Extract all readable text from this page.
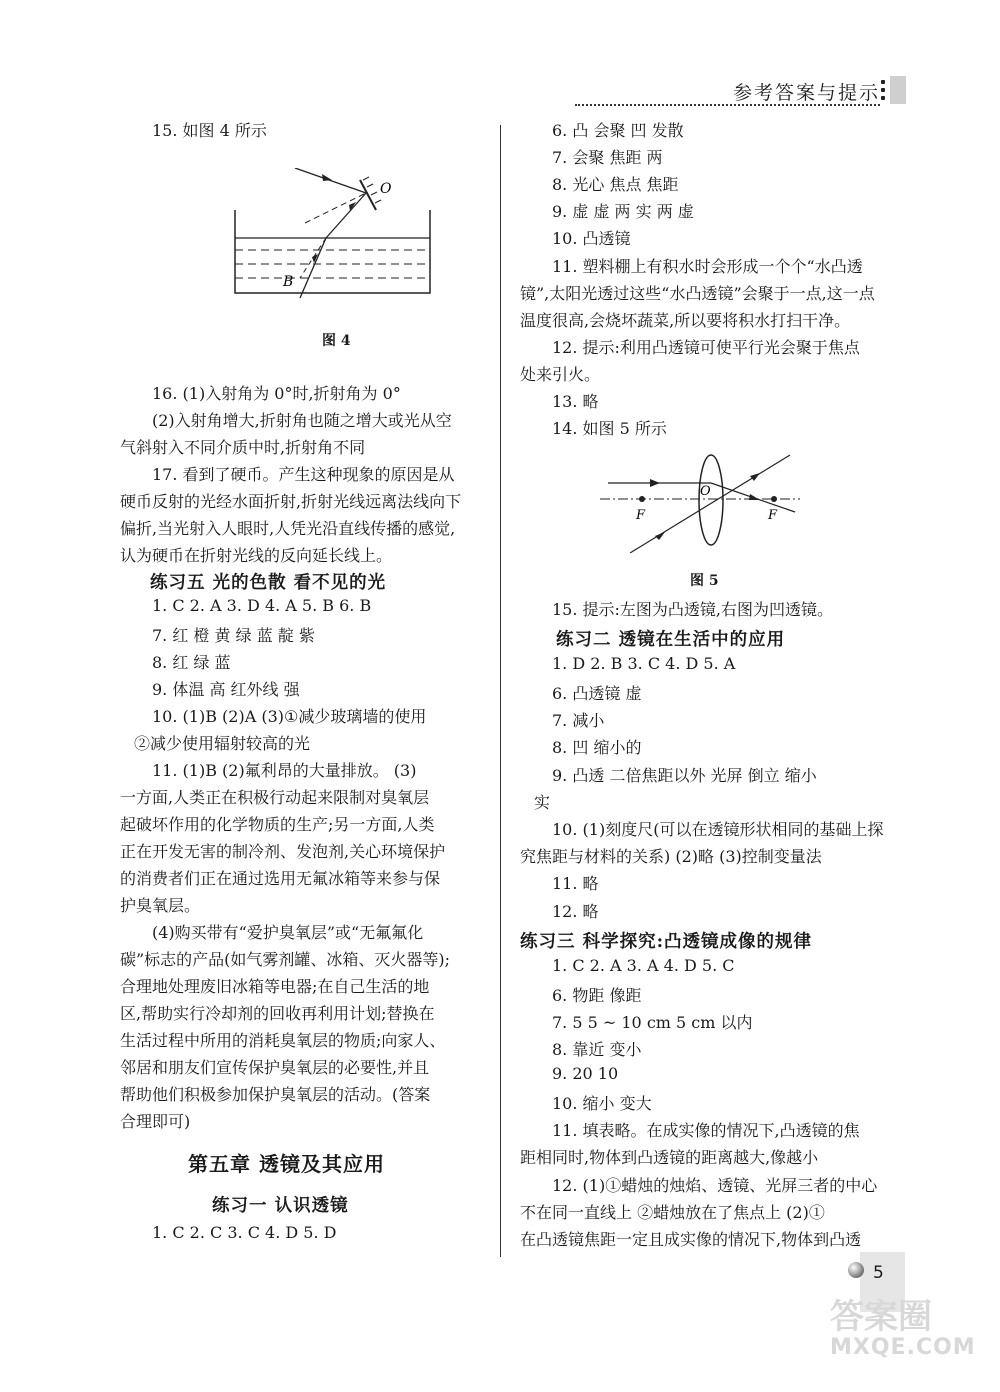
参考答案与提示
15. 如图 4 所示
O
B
图 4
16. (1)入射角为 0°时,折射角为 0°
(2)入射角增大,折射角也随之增大或光从空
气斜射入不同介质中时,折射角不同
17. 看到了硬币。产生这种现象的原因是从
硬币反射的光经水面折射,折射光线远离法线向下
偏折,当光射入人眼时,人凭光沿直线传播的感觉,
认为硬币在折射光线的反向延长线上。
练习五 光的色散 看不见的光
1. C 2. A 3. D 4. A 5. B 6. B
7. 红 橙 黄 绿 蓝 靛 紫
8. 红 绿 蓝
9. 体温 高 红外线 强
10. (1)B (2)A (3)①减少玻璃墙的使用
②减少使用辐射较高的光
11. (1)B (2)氟利昂的大量排放。 (3)
一方面,人类正在积极行动起来限制对臭氧层
起破坏作用的化学物质的生产;另一方面,人类
正在开发无害的制冷剂、发泡剂,关心环境保护
的消费者们正在通过选用无氟冰箱等来参与保
护臭氧层。
(4)购买带有“爱护臭氧层”或“无氟氟化
碳”标志的产品(如气雾剂罐、冰箱、灭火器等);
合理地处理废旧冰箱等电器;在自己生活的地
区,帮助实行冷却剂的回收再利用计划;替换在
生活过程中所用的消耗臭氧层的物质;向家人、
邻居和朋友们宣传保护臭氧层的必要性,并且
帮助他们积极参加保护臭氧层的活动。(答案
合理即可)
第五章 透镜及其应用
练习一 认识透镜
1. C 2. C 3. C 4. D 5. D
6. 凸 会聚 凹 发散
7. 会聚 焦距 两
8. 光心 焦点 焦距
9. 虚 虚 两 实 两 虚
10. 凸透镜
11. 塑料棚上有积水时会形成一个个“水凸透
镜”,太阳光透过这些“水凸透镜”会聚于一点,这一点
温度很高,会烧坏蔬菜,所以要将积水打扫干净。
12. 提示:利用凸透镜可使平行光会聚于焦点
处来引火。
13. 略
14. 如图 5 所示
O
F	F
图 5
15. 提示:左图为凸透镜,右图为凹透镜。
练习二 透镜在生活中的应用
1. D 2. B 3. C 4. D 5. A
6. 凸透镜 虚
7. 减小
8. 凹 缩小的
9. 凸透 二倍焦距以外 光屏 倒立 缩小
实
10. (1)刻度尺(可以在透镜形状相同的基础上探
究焦距与材料的关系) (2)略 (3)控制变量法
11. 略
12. 略
练习三 科学探究:凸透镜成像的规律
1. C 2. A 3. A 4. D 5. C
6. 物距 像距
7. 5 5 ~ 10 cm 5 cm 以内
8. 靠近 变小
9. 20 10
10. 缩小 变大
11. 填表略。在成实像的情况下,凸透镜的焦
距相同时,物体到凸透镜的距离越大,像越小
12. (1)①蜡烛的烛焰、透镜、光屏三者的中心
不在同一直线上 ②蜡烛放在了焦点上 (2)①
在凸透镜焦距一定且成实像的情况下,物体到凸透
5
答案圈
MXQE.COM
